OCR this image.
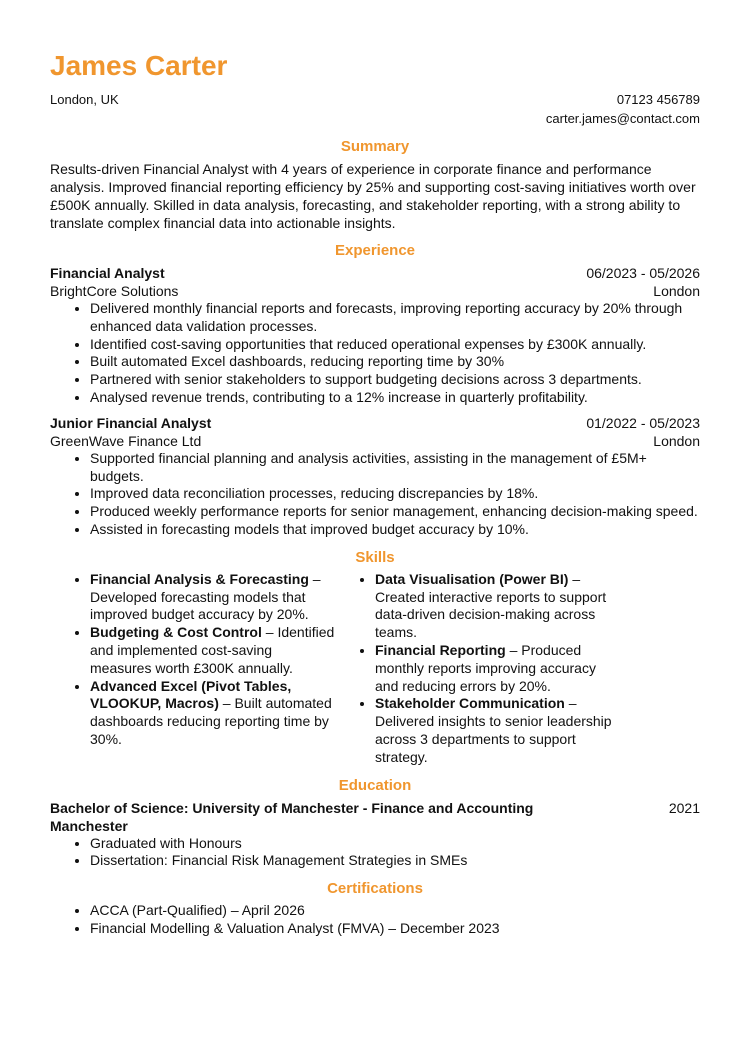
James Carter
London, UK	07123 456789
carter.james@contact.com
Summary

Results-driven Financial Analyst with 4 years of experience in corporate finance and performance analysis. Improved financial reporting efficiency by 25% and supporting cost-saving initiatives worth over £500K annually. Skilled in data analysis, forecasting, and stakeholder reporting, with a strong ability to translate complex financial data into actionable insights.

Experience
Financial Analyst	06/2023 - 05/2026
BrightCore Solutions	London
• Delivered monthly financial reports and forecasts, improving reporting accuracy by 20% through enhanced data validation processes.
• Identified cost-saving opportunities that reduced operational expenses by £300K annually.
• Built automated Excel dashboards, reducing reporting time by 30%
• Partnered with senior stakeholders to support budgeting decisions across 3 departments.
• Analysed revenue trends, contributing to a 12% increase in quarterly profitability.
Junior Financial Analyst	01/2022 - 05/2023
GreenWave Finance Ltd	London
• Supported financial planning and analysis activities, assisting in the management of £5M+ budgets.
• Improved data reconciliation processes, reducing discrepancies by 18%.
• Produced weekly performance reports for senior management, enhancing decision-making speed.
• Assisted in forecasting models that improved budget accuracy by 10%.
Skills
• Financial Analysis & Forecasting – Developed forecasting models that improved budget accuracy by 20%.
• Budgeting & Cost Control – Identified and implemented cost-saving measures worth £300K annually.
• Advanced Excel (Pivot Tables, VLOOKUP, Macros) – Built automated dashboards reducing reporting time by 30%.
• Data Visualisation (Power BI) – Created interactive reports to support data-driven decision-making across teams.
• Financial Reporting – Produced monthly reports improving accuracy and reducing errors by 20%.
• Stakeholder Communication – Delivered insights to senior leadership across 3 departments to support strategy.
Education
Bachelor of Science: University of Manchester - Finance and Accounting Manchester
2021
• Graduated with Honours
• Dissertation: Financial Risk Management Strategies in SMEs
Certifications
• ACCA (Part-Qualified) – April 2026
• Financial Modelling & Valuation Analyst (FMVA) – December 2023
